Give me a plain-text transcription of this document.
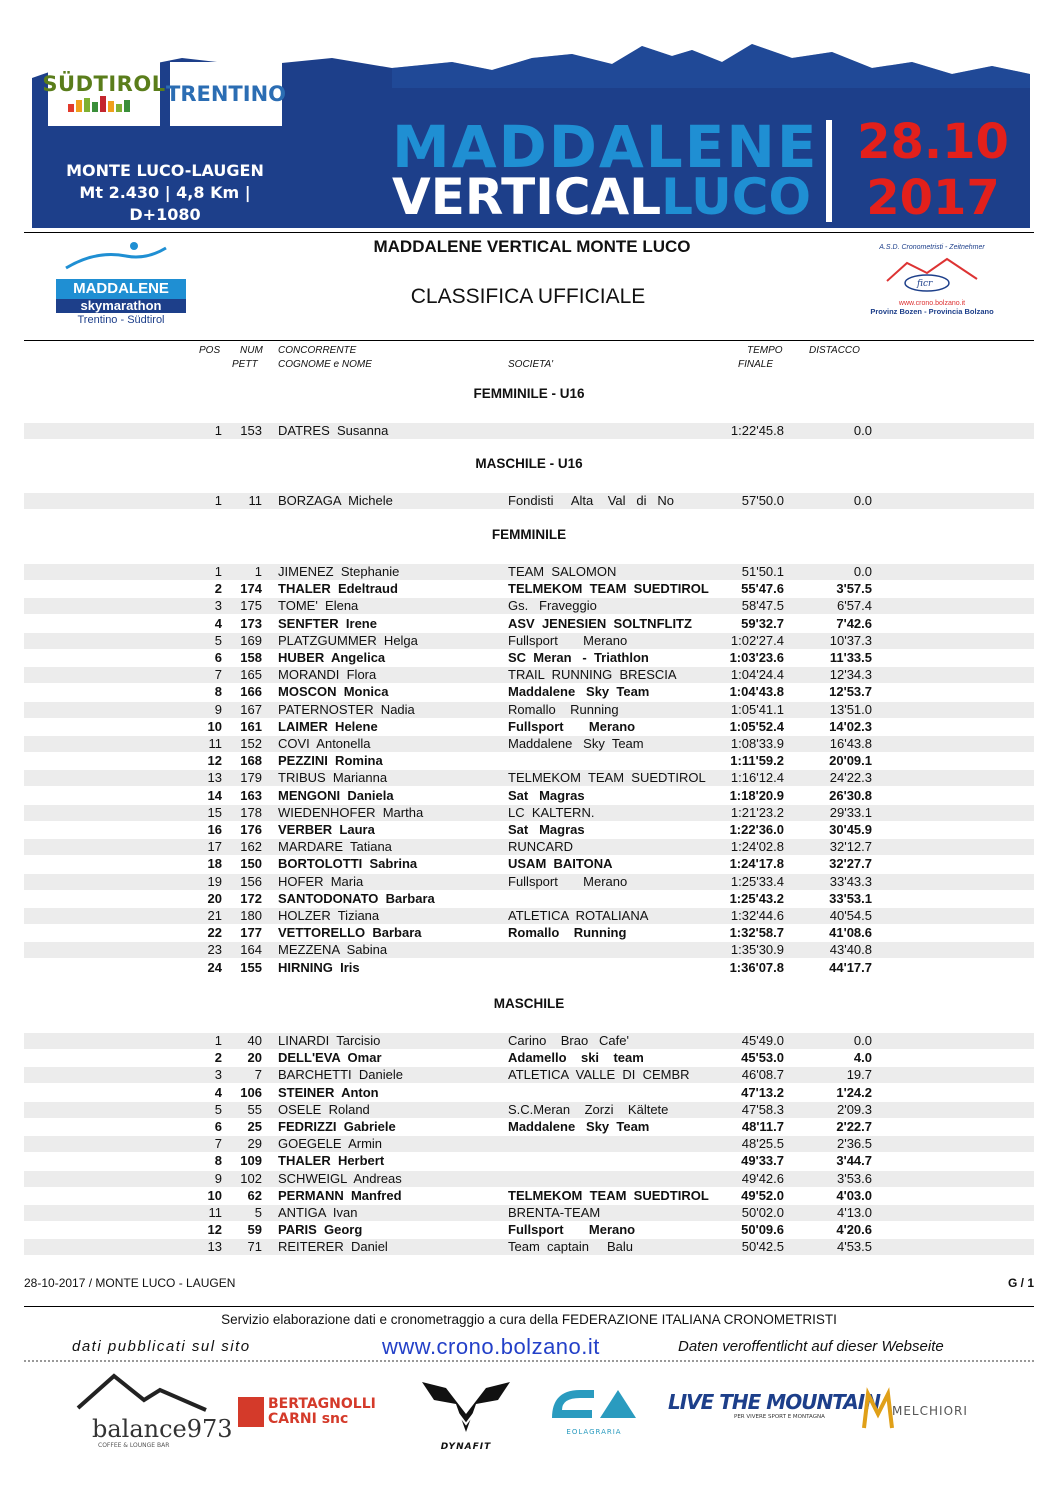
SÜDTIROL TRENTINO
MONTE LUCO-LAUGEN
Mt 2.430 | 4,8 Km | D+1080
MADDALENE
VERTICALLUCO
28.10
2017
MADDALENE
skymarathon
Trentino - Südtirol
MADDALENE VERTICAL MONTE LUCO
CLASSIFICA UFFICIALE
A.S.D. Cronometristi - Zeitnehmer
ficr
www.crono.bolzano.it
Provinz Bozen - Provincia Bolzano
POS NUM
PETT
CONCORRENTE
COGNOME e NOME	SOCIETA'
TEMPO
FINALE
DISTACCO
FEMMINILE - U16
1 153 DATRES  Susanna	1:22'45.8	0.0
MASCHILE - U16
1 11 BORZAGA  Michele	Fondisti     Alta    Val   di   No	57'50.0	0.0
FEMMINILE
1	1 JIMENEZ  Stephanie	TEAM  SALOMON	51'50.1	0.0
2 174 THALER  Edeltraud	TELMEKOM  TEAM  SUEDTIROL 55'47.6	3'57.5
3 175 TOME'  Elena	Gs.   Fraveggio	58'47.5	6'57.4
4 173 SENFTER  Irene	ASV  JENESIEN  SOLTNFLITZ	59'32.7	7'42.6
5 169 PLATZGUMMER  Helga	Fullsport       Merano	1:02'27.4	10'37.3
6 158 HUBER  Angelica	SC  Meran   -  Triathlon	1:03'23.6	11'33.5
7 165 MORANDI  Flora	TRAIL  RUNNING  BRESCIA	1:04'24.4	12'34.3
8 166 MOSCON  Monica	Maddalene   Sky  Team	1:04'43.8	12'53.7
9 167 PATERNOSTER  Nadia	Romallo    Running	1:05'41.1	13'51.0
10 161 LAIMER  Helene	Fullsport       Merano	1:05'52.4	14'02.3
11 152 COVI  Antonella	Maddalene   Sky  Team	1:08'33.9	16'43.8
12 168 PEZZINI  Romina	1:11'59.2	20'09.1
13 179 TRIBUS  Marianna	TELMEKOM  TEAM  SUEDTIROL 1:16'12.4	24'22.3
14 163 MENGONI  Daniela	Sat   Magras	1:18'20.9	26'30.8
15 178 WIEDENHOFER  Martha	LC  KALTERN.	1:21'23.2	29'33.1
16 176 VERBER  Laura	Sat   Magras	1:22'36.0	30'45.9
17 162 MARDARE  Tatiana	RUNCARD	1:24'02.8	32'12.7
18 150 BORTOLOTTI  Sabrina	USAM  BAITONA	1:24'17.8	32'27.7
19 156 HOFER  Maria	Fullsport       Merano	1:25'33.4	33'43.3
20 172 SANTODONATO  Barbara	1:25'43.2	33'53.1
21 180 HOLZER  Tiziana	ATLETICA  ROTALIANA	1:32'44.6	40'54.5
22 177 VETTORELLO  Barbara	Romallo    Running	1:32'58.7	41'08.6
23 164 MEZZENA  Sabina	1:35'30.9	43'40.8
24 155 HIRNING  Iris	1:36'07.8	44'17.7
MASCHILE
1 40 LINARDI  Tarcisio	Carino    Brao   Cafe'	45'49.0	0.0
2 20 DELL'EVA  Omar	Adamello    ski    team	45'53.0	4.0
3	7 BARCHETTI  Daniele	ATLETICA  VALLE  DI  CEMBR	46'08.7	19.7
4 106 STEINER  Anton	47'13.2	1'24.2
5 55 OSELE  Roland	S.C.Meran    Zorzi    Kältete	47'58.3	2'09.3
6 25 FEDRIZZI  Gabriele	Maddalene   Sky  Team	48'11.7	2'22.7
7 29 GOEGELE  Armin	48'25.5	2'36.5
8 109 THALER  Herbert	49'33.7	3'44.7
9 102 SCHWEIGL  Andreas	49'42.6	3'53.6
10 62 PERMANN  Manfred	TELMEKOM  TEAM  SUEDTIROL 49'52.0	4'03.0
11	5 ANTIGA  Ivan	BRENTA-TEAM	50'02.0	4'13.0
12 59 PARIS  Georg	Fullsport       Merano	50'09.6	4'20.6
13 71 REITERER  Daniel	Team  captain     Balu	50'42.5	4'53.5
28-10-2017 / MONTE LUCO - LAUGEN	G / 1
Servizio elaborazione dati e cronometraggio a cura della FEDERAZIONE ITALIANA CRONOMETRISTI
dati pubblicati sul sito	www.crono.bolzano.it	Daten veroffentlicht auf dieser Webseite
balance973
COFFEE & LOUNGE BAR
BERTAGNOLLI
CARNI snc
DYNAFIT
EOLAGRARIA
LIVE THE MOUNTAIN
PER VIVERE SPORT E MONTAGNA	MELCHIORI
